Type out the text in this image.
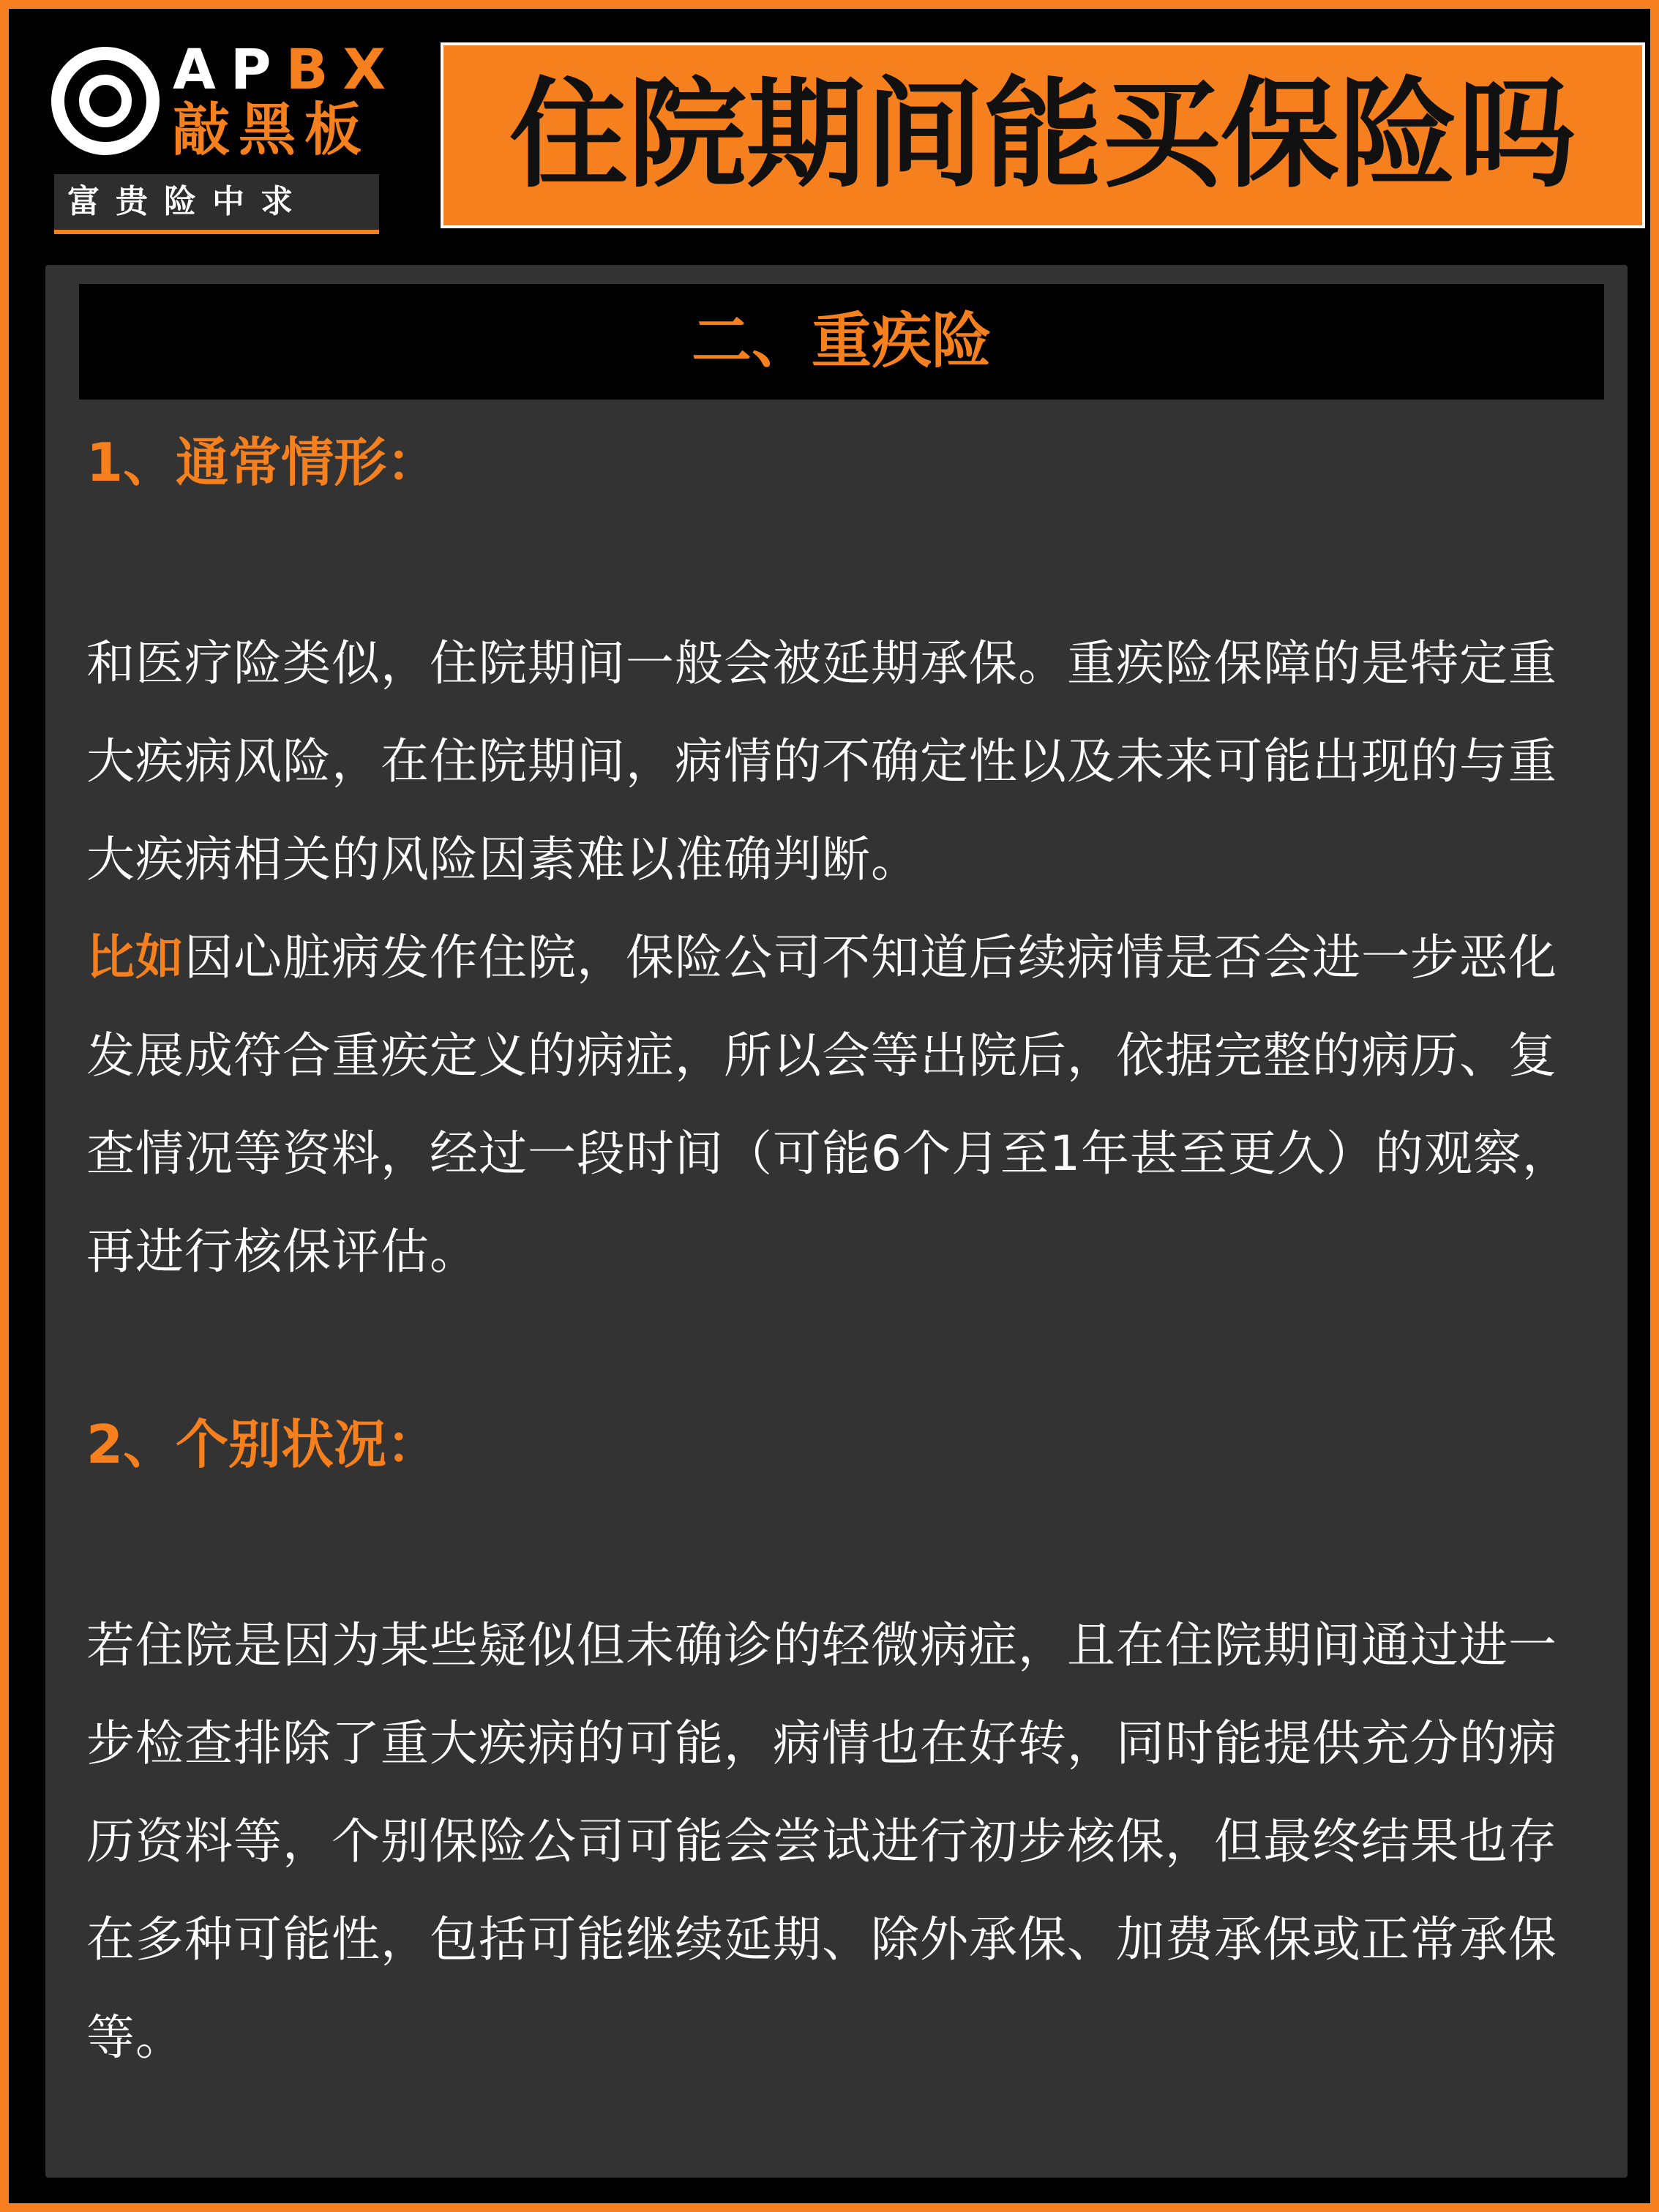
APBX
敲黑板
富贵险中求	住院期间能买保险吗
二、重疾险
1、通常情形：
和医疗险类似，住院期间一般会被延期承保。重疾险保障的是特定重大疾病风险，在住院期间，病情的不确定性以及未来可能出现的与重大疾病相关的风险因素难以准确判断。
比如因心脏病发作住院，保险公司不知道后续病情是否会进一步恶化发展成符合重疾定义的病症，所以会等出院后，依据完整的病历、复查情况等资料，经过一段时间（可能6个月至1年甚至更久）的观察，再进行核保评估。
2、个别状况：
若住院是因为某些疑似但未确诊的轻微病症，且在住院期间通过进一步检查排除了重大疾病的可能，病情也在好转，同时能提供充分的病历资料等，个别保险公司可能会尝试进行初步核保，但最终结果也存在多种可能性，包括可能继续延期、除外承保、加费承保或正常承保等。
